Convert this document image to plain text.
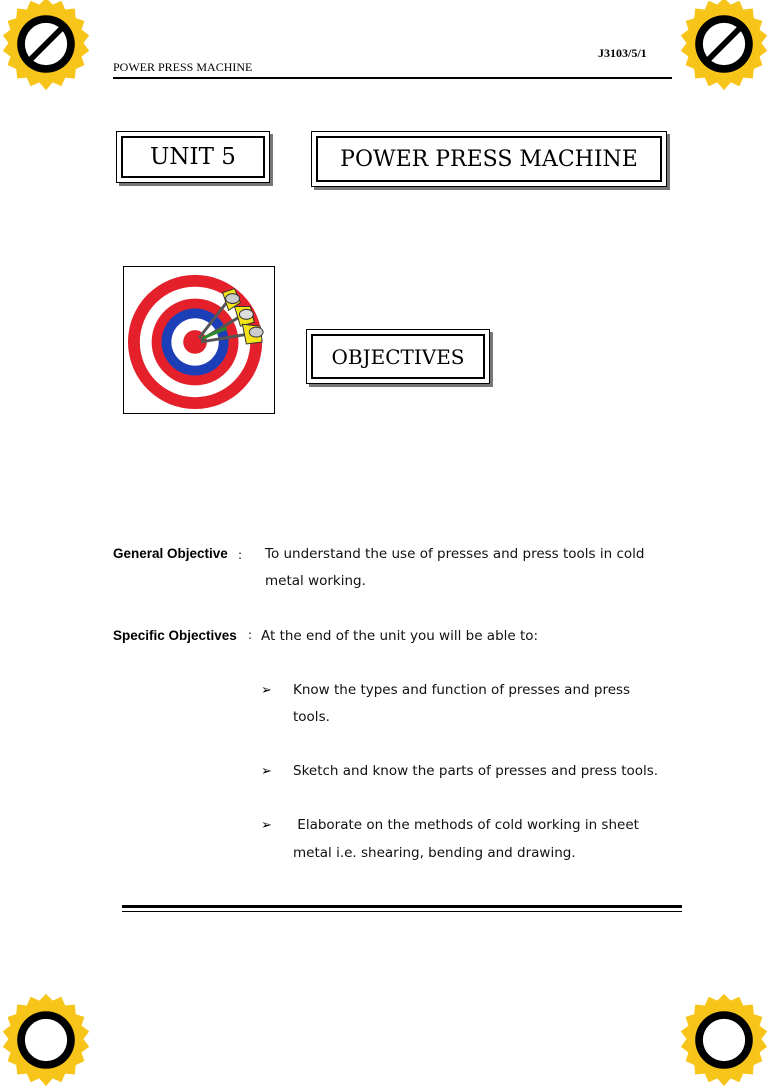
J3103/5/1
POWER PRESS MACHINE
UNIT 5	POWER PRESS MACHINE
OBJECTIVES
General Objective : To understand the use of presses and press tools in cold
metal working.
Specific Objectives : At the end of the unit you will be able to:
➢ Know the types and function of presses and press
tools.
➢ Sketch and know the parts of presses and press tools.
➢ Elaborate on the methods of cold working in sheet
metal i.e. shearing, bending and drawing.
